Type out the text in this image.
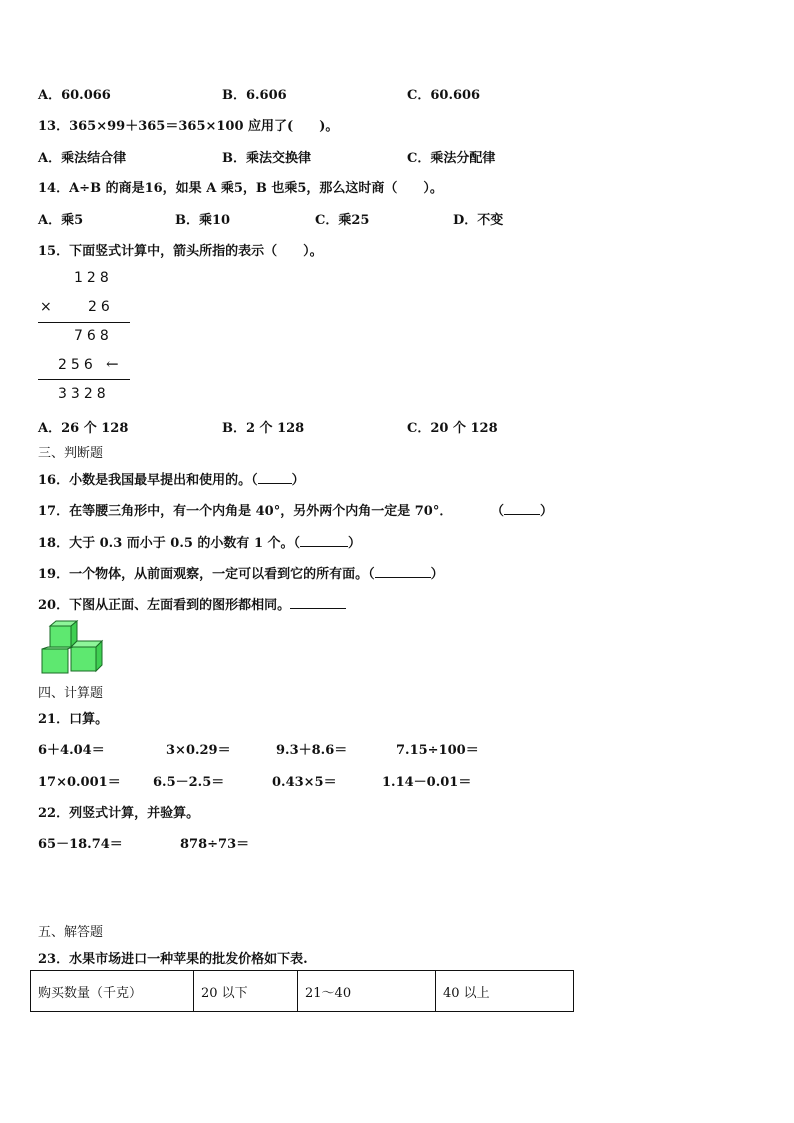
A．60.066	B．6.606	C．60.606
13．365×99＋365＝365×100 应用了(　　)。
A．乘法结合律	B．乘法交换律	C．乘法分配律
14．A÷B 的商是16，如果 A 乘5，B 也乘5，那么这时商（　　）。
A．乘5	B．乘10	C．乘25	D．不变
15．下面竖式计算中，箭头所指的表示（　　）。
128
× 26
768
256 ←
3328
A．26 个 128	B．2 个 128	C．20 个 128
三、判断题
16．小数是我国最早提出和使用的。（	）
17．在等腰三角形中，有一个内角是 40°，另外两个内角一定是 70°．	（	）
18．大于 0.3 而小于 0.5 的小数有 1 个。（	）
19．一个物体，从前面观察，一定可以看到它的所有面。（	）
20．下图从正面、左面看到的图形都相同。
四、计算题
21．口算。
6＋4.04＝	3×0.29＝	9.3＋8.6＝	7.15÷100＝
17×0.001＝ 6.5－2.5＝	0.43×5＝	1.14－0.01＝
22．列竖式计算，并验算。
65－18.74＝	878÷73＝
五、解答题
23．水果市场进口一种苹果的批发价格如下表.
购买数量（千克）	20 以下	21～40	40 以上
